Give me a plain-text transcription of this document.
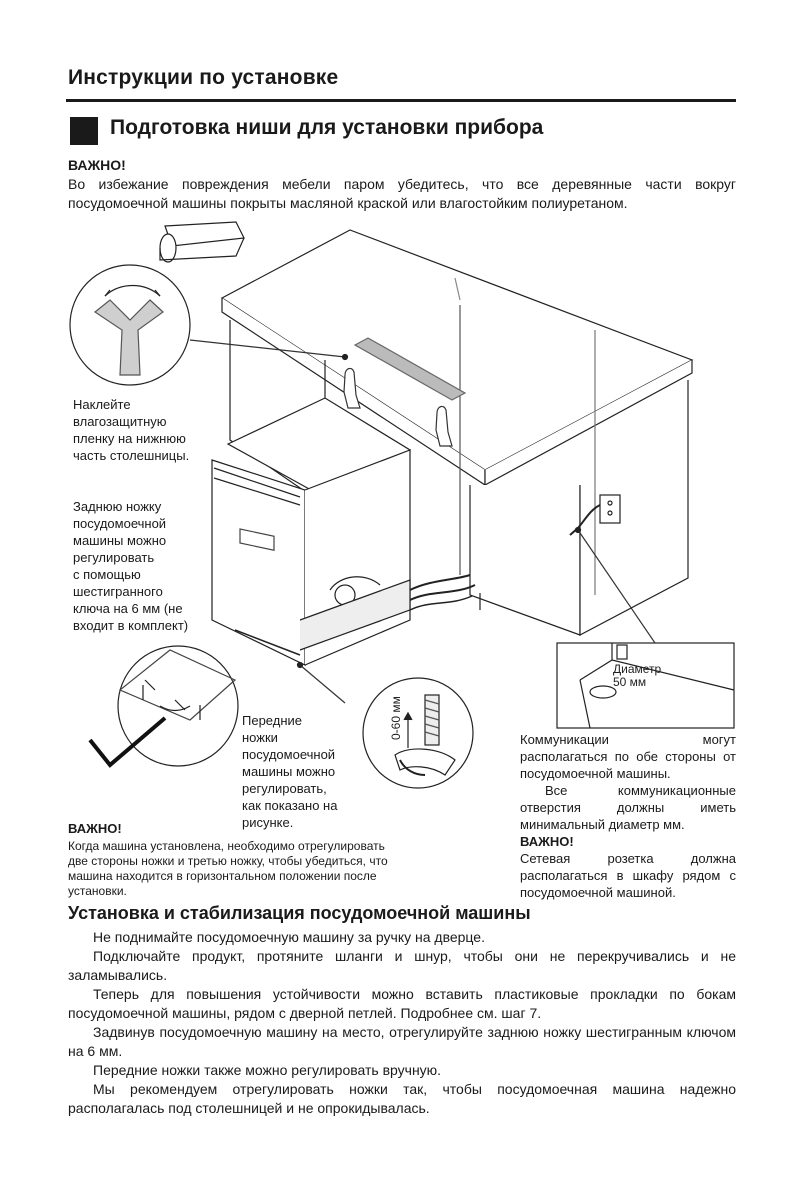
Инструкции по установке
Подготовка ниши для установки прибора
ВАЖНО!
Во избежание повреждения мебели паром убедитесь, что все деревянные части вокруг посудомоечной машины покрыты масляной краской или влагостойким полиуретаном.
0-60 мм
Диаметр
50 мм
Наклейте
влагозащитную
пленку на нижнюю
часть столешницы.
Заднюю ножку
посудомоечной
машины можно
регулировать
с помощью
шестигранного
ключа на 6 мм (не
входит в комплект)
Передние
ножки
посудомоечной
машины можно
регулировать,
как показано на
рисунке.
ВАЖНО!
Когда машина установлена, необходимо отрегулировать две стороны ножки и третью ножку, чтобы убедиться, что машина находится в горизонтальном положении после установки.
Коммуникации могут располагаться по обе стороны от посудомоечной машины.
Все коммуникационные отверстия должны иметь минимальный диаметр мм.
ВАЖНО!
Сетевая розетка должна располагаться в шкафу рядом с посудомоечной машиной.
Установка и стабилизация посудомоечной машины
Не поднимайте посудомоечную машину за ручку на дверце.
Подключайте продукт, протяните шланги и шнур, чтобы они не перекручивались и не заламывались.
Теперь для повышения устойчивости можно вставить пластиковые прокладки по бокам посудомоечной машины, рядом с дверной петлей. Подробнее см. шаг 7.
Задвинув посудомоечную машину на место, отрегулируйте заднюю ножку шестигранным ключом на 6 мм.
Передние ножки также можно регулировать вручную.
Мы рекомендуем отрегулировать ножки так, чтобы посудомоечная машина надежно располагалась под столешницей и не опрокидывалась.
